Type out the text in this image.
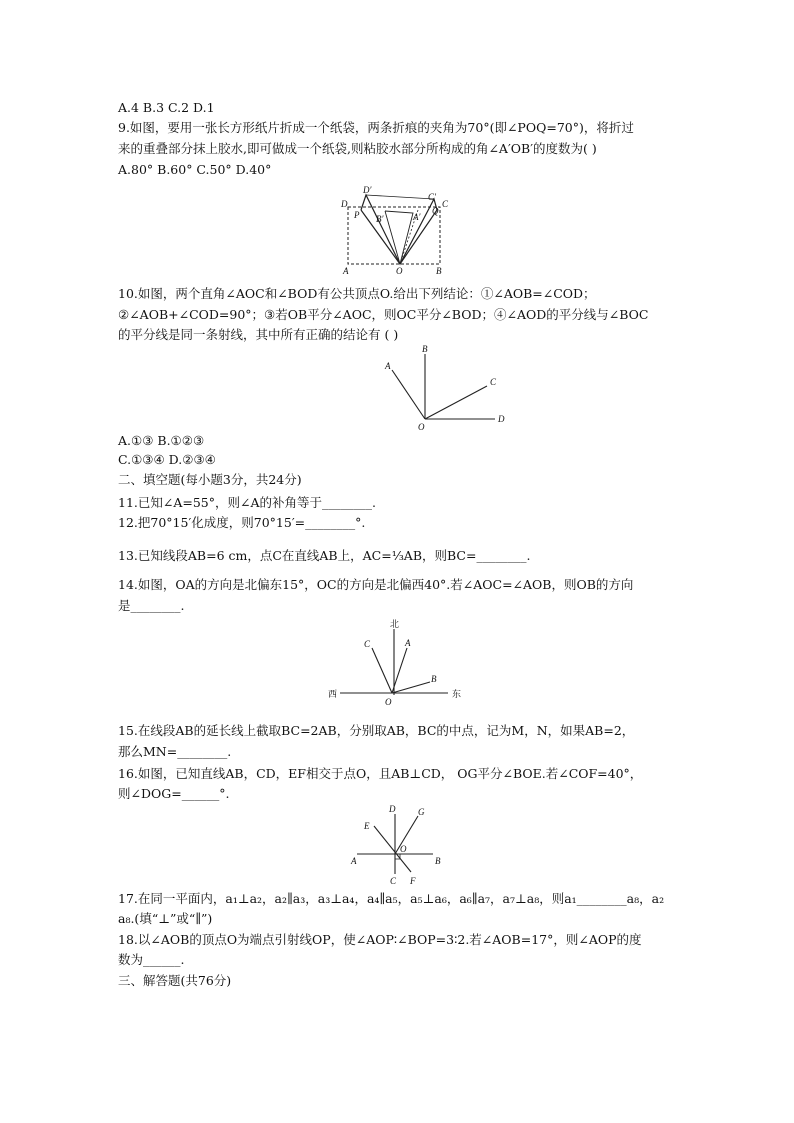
A.4 B.3 C.2 D.1
9.如图，要用一张长方形纸片折成一个纸袋，两条折痕的夹角为70°(即∠POQ=70°)，将折过
来的重叠部分抹上胶水,即可做成一个纸袋,则粘胶水部分所构成的角∠A′OB′的度数为( )
A.80° B.60° C.50° D.40°
D′
C′
D
P B′	A′
Q
C
A	O	B
10.如图，两个直角∠AOC和∠BOD有公共顶点O.给出下列结论：①∠AOB=∠COD；
②∠AOB+∠COD=90°；③若OB平分∠AOC，则OC平分∠BOD；④∠AOD的平分线与∠BOC
的平分线是同一条射线，其中所有正确的结论有 ( )
B
A
C
O
D
A.①③ B.①②③
C.①③④ D.②③④
二、填空题(每小题3分，共24分)
11.已知∠A=55°，则∠A的补角等于________.
12.把70°15′化成度，则70°15′=________°.
13.已知线段AB=6 cm，点C在直线AB上，AC=⅓AB，则BC=________.
14.如图，OA的方向是北偏东15°，OC的方向是北偏西40°.若∠AOC=∠AOB，则OB的方向
是________.
北
C	A
B
西
O
东
15.在线段AB的延长线上截取BC=2AB，分别取AB，BC的中点，记为M，N，如果AB=2，
那么MN=________.
16.如图，已知直线AB，CD，EF相交于点O，且AB⊥CD， OG平分∠BOE.若∠COF=40°，
则∠DOG=______°.
D	G
E
O
A	B
C F
17.在同一平面内，a₁⊥a₂，a₂∥a₃，a₃⊥a₄，a₄∥a₅，a₅⊥a₆，a₆∥a₇，a₇⊥a₈，则a₁________a₈，a₂
a₈.(填“⊥”或“∥”)
18.以∠AOB的顶点O为端点引射线OP，使∠AOP∶∠BOP=3∶2.若∠AOB=17°，则∠AOP的度
数为______.
三、解答题(共76分)
